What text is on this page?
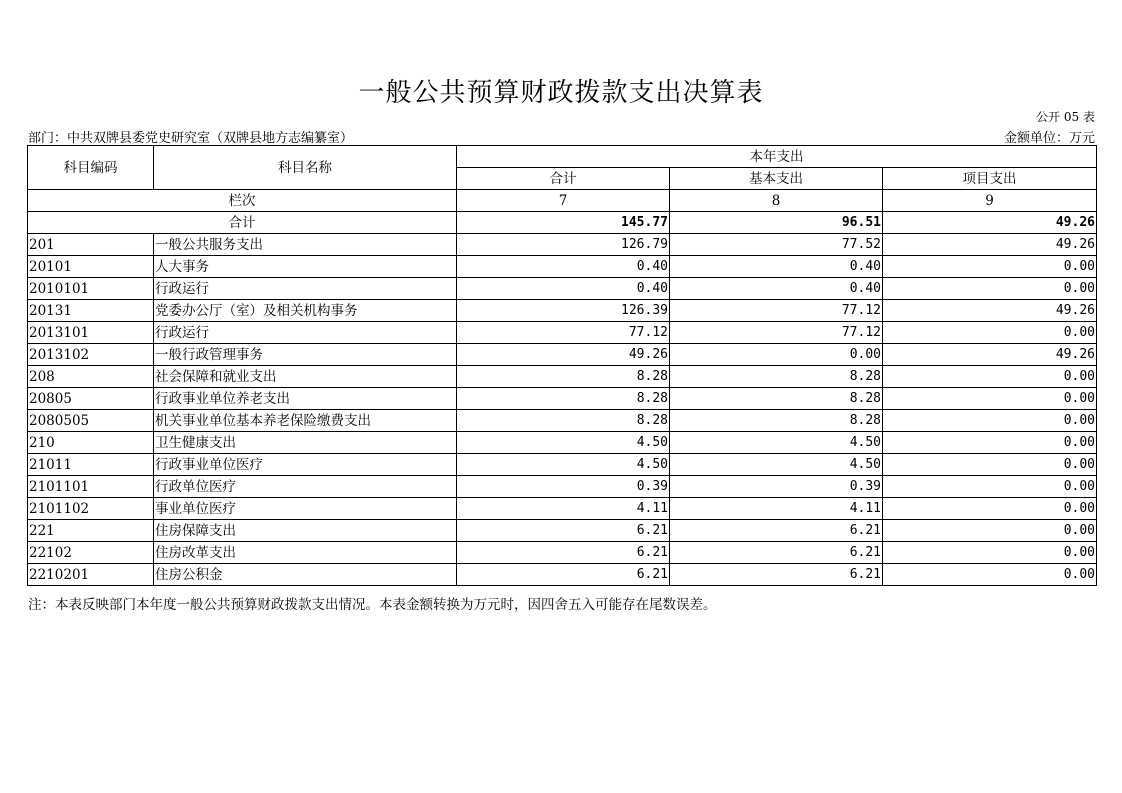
一般公共预算财政拨款支出决算表
公开 05 表
部门：中共双牌县委党史研究室（双牌县地方志编纂室）	金额单位：万元
科目编码	科目名称	本年支出		
		合计	基本支出	项目支出
栏次		7	8	9
合计		145.77	96.51	49.26
201	一般公共服务支出	126.79	77.52	49.26
20101	人大事务	0.40	0.40	0.00
2010101	行政运行	0.40	0.40	0.00
20131	党委办公厅（室）及相关机构事务	126.39	77.12	49.26
2013101	行政运行	77.12	77.12	0.00
2013102	一般行政管理事务	49.26	0.00	49.26
208	社会保障和就业支出	8.28	8.28	0.00
20805	行政事业单位养老支出	8.28	8.28	0.00
2080505	机关事业单位基本养老保险缴费支出	8.28	8.28	0.00
210	卫生健康支出	4.50	4.50	0.00
21011	行政事业单位医疗	4.50	4.50	0.00
2101101	行政单位医疗	0.39	0.39	0.00
2101102	事业单位医疗	4.11	4.11	0.00
221	住房保障支出	6.21	6.21	0.00
22102	住房改革支出	6.21	6.21	0.00
2210201	住房公积金	6.21	6.21	0.00
注：本表反映部门本年度一般公共预算财政拨款支出情况。本表金额转换为万元时，因四舍五入可能存在尾数误差。
